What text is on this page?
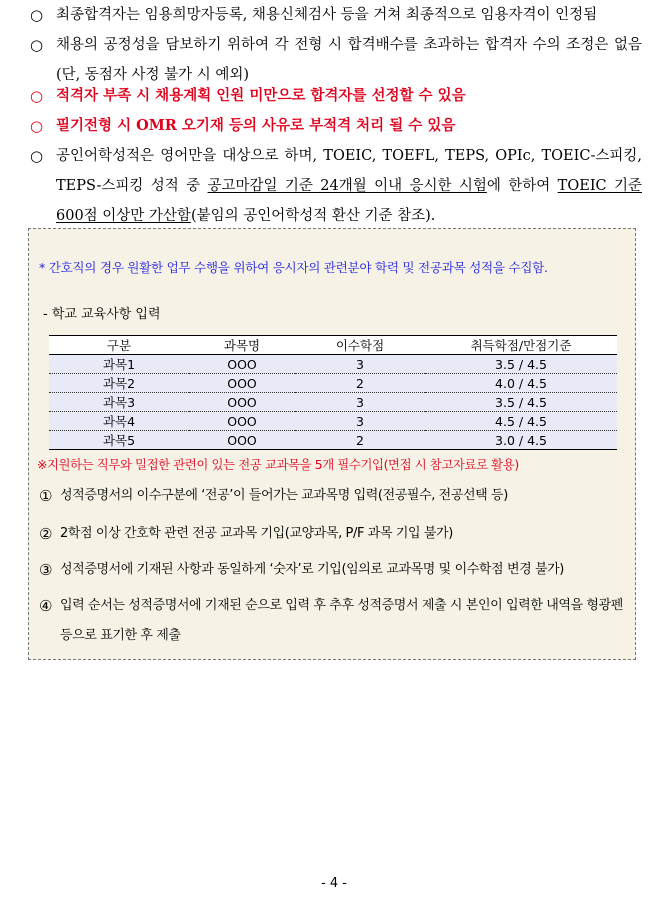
○ 최종합격자는 임용희망자등록, 채용신체검사 등을 거쳐 최종적으로 임용자격이 인정됨
○ 채용의 공정성을 담보하기 위하여 각 전형 시 합격배수를 초과하는 합격자 수의 조정은 없음 (단, 동점자 사정 불가 시 예외)
○ 적격자 부족 시 채용계획 인원 미만으로 합격자를 선정할 수 있음
○ 필기전형 시 OMR 오기재 등의 사유로 부적격 처리 될 수 있음
○ 공인어학성적은 영어만을 대상으로 하며, TOEIC, TOEFL, TEPS, OPIc, TOEIC-스피킹, TEPS-스피킹 성적 중 공고마감일 기준 24개월 이내 응시한 시험에 한하여 TOEIC 기준 600점 이상만 가산함(붙임의 공인어학성적 환산 기준 참조).
* 간호직의 경우 원활한 업무 수행을 위하여 응시자의 관련분야 학력 및 전공과목 성적을 수집함.
- 학교 교육사항 입력
구분	과목명	이수학점	취득학점/만점기준
과목1	OOO	3	3.5 / 4.5
과목2	OOO	2	4.0 / 4.5
과목3	OOO	3	3.5 / 4.5
과목4	OOO	3	4.5 / 4.5
과목5	OOO	2	3.0 / 4.5
※지원하는 직무와 밀접한 관련이 있는 전공 교과목을 5개 필수기입(면접 시 참고자료로 활용)
① 성적증명서의 이수구분에 ‘전공’이 들어가는 교과목명 입력(전공필수, 전공선택 등)
② 2학점 이상 간호학 관련 전공 교과목 기입(교양과목, P/F 과목 기입 불가)
③ 성적증명서에 기재된 사항과 동일하게 ‘숫자’로 기입(임의로 교과목명 및 이수학점 변경 불가)
④ 입력 순서는 성적증명서에 기재된 순으로 입력 후 추후 성적증명서 제출 시 본인이 입력한 내역을 형광펜 등으로 표기한 후 제출
- 4 -
